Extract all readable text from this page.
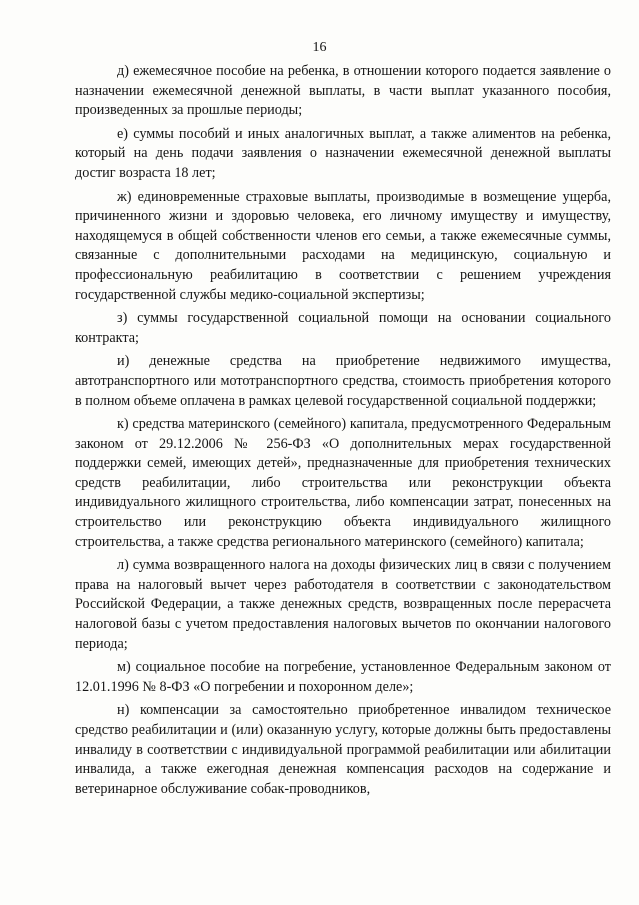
16

д) ежемесячное пособие на ребенка, в отношении которого подается заявление о назначении ежемесячной денежной выплаты, в части выплат указанного пособия, произведенных за прошлые периоды;

е) суммы пособий и иных аналогичных выплат, а также алиментов на ребенка, который на день подачи заявления о назначении ежемесячной денежной выплаты достиг возраста 18 лет;

ж) единовременные страховые выплаты, производимые в возмещение ущерба, причиненного жизни и здоровью человека, его личному имуществу и имуществу, находящемуся в общей собственности членов его семьи, а также ежемесячные суммы, связанные с дополнительными расходами на медицинскую, социальную и профессиональную реабилитацию в соответствии с решением учреждения государственной службы медико-социальной экспертизы;

з) суммы государственной социальной помощи на основании социального контракта;

и) денежные средства на приобретение недвижимого имущества, автотранспортного или мототранспортного средства, стоимость приобретения которого в полном объеме оплачена в рамках целевой государственной социальной поддержки;

к) средства материнского (семейного) капитала, предусмотренного Федеральным законом от 29.12.2006 № 256-ФЗ «О дополнительных мерах государственной поддержки семей, имеющих детей», предназначенные для приобретения технических средств реабилитации, либо строительства или реконструкции объекта индивидуального жилищного строительства, либо компенсации затрат, понесенных на строительство или реконструкцию объекта индивидуального жилищного строительства, а также средства регионального материнского (семейного) капитала;

л) сумма возвращенного налога на доходы физических лиц в связи с получением права на налоговый вычет через работодателя в соответствии с законодательством Российской Федерации, а также денежных средств, возвращенных после перерасчета налоговой базы с учетом предоставления налоговых вычетов по окончании налогового периода;

м) социальное пособие на погребение, установленное Федеральным законом от 12.01.1996 № 8-ФЗ «О погребении и похоронном деле»;

н) компенсации за самостоятельно приобретенное инвалидом техническое средство реабилитации и (или) оказанную услугу, которые должны быть предоставлены инвалиду в соответствии с индивидуальной программой реабилитации или абилитации инвалида, а также ежегодная денежная компенсация расходов на содержание и ветеринарное обслуживание собак-проводников,
